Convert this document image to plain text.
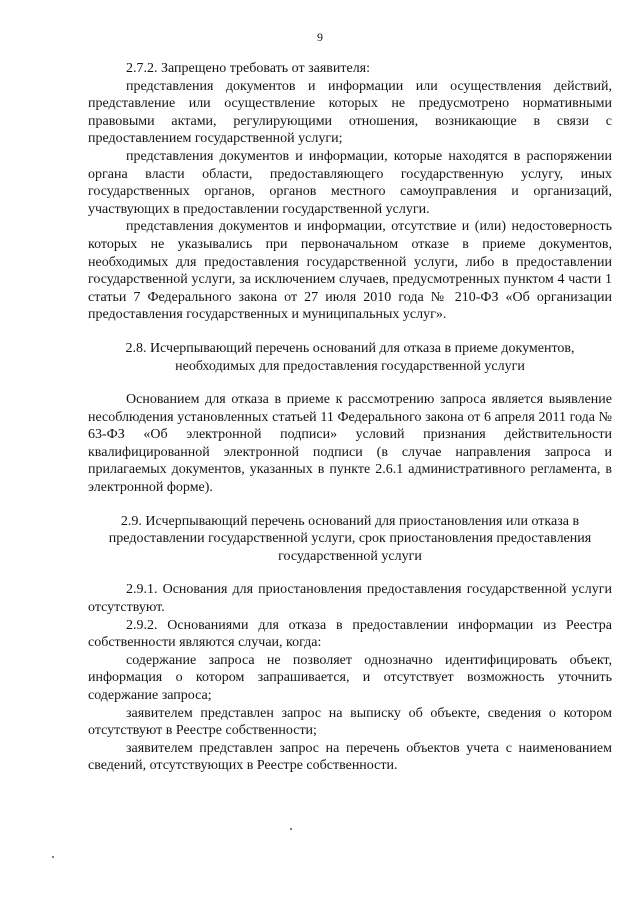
9

2.7.2. Запрещено требовать от заявителя:

представления документов и информации или осуществления действий, представление или осуществление которых не предусмотрено нормативными правовыми актами, регулирующими отношения, возникающие в связи с предоставлением государственной услуги;

представления документов и информации, которые находятся в распоряжении органа власти области, предоставляющего государственную услугу, иных государственных органов, органов местного самоуправления и организаций, участвующих в предоставлении государственной услуги.

представления документов и информации, отсутствие и (или) недостоверность которых не указывались при первоначальном отказе в приеме документов, необходимых для предоставления государственной услуги, либо в предоставлении государственной услуги, за исключением случаев, предусмотренных пунктом 4 части 1 статьи 7 Федерального закона от 27 июля 2010 года № 210-ФЗ «Об организации предоставления государственных и муниципальных услуг».

2.8. Исчерпывающий перечень оснований для отказа в приеме документов, необходимых для предоставления государственной услуги

Основанием для отказа в приеме к рассмотрению запроса является выявление несоблюдения установленных статьей 11 Федерального закона от 6 апреля 2011 года № 63-ФЗ «Об электронной подписи» условий признания действительности квалифицированной электронной подписи (в случае направления запроса и прилагаемых документов, указанных в пункте 2.6.1 административного регламента, в электронной форме).

2.9. Исчерпывающий перечень оснований для приостановления или отказа в предоставлении государственной услуги, срок приостановления предоставления государственной услуги

2.9.1. Основания для приостановления предоставления государственной услуги отсутствуют.

2.9.2. Основаниями для отказа в предоставлении информации из Реестра собственности являются случаи, когда:

содержание запроса не позволяет однозначно идентифицировать объект, информация о котором запрашивается, и отсутствует возможность уточнить содержание запроса;

заявителем представлен запрос на выписку об объекте, сведения о котором отсутствуют в Реестре собственности;

заявителем представлен запрос на перечень объектов учета с наименованием сведений, отсутствующих в Реестре собственности.
